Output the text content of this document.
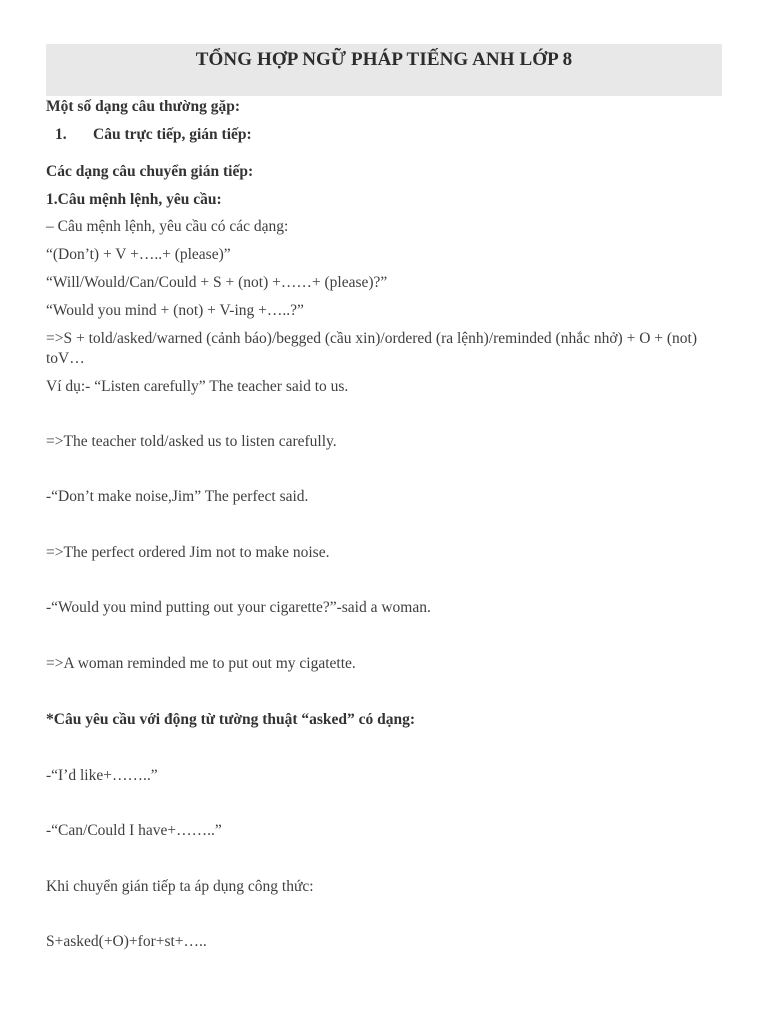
TỔNG HỢP NGỮ PHÁP TIẾNG ANH LỚP 8
Một số dạng câu thường gặp:
1. Câu trực tiếp, gián tiếp:
Các dạng câu chuyển gián tiếp:
1.Câu mệnh lệnh, yêu cầu:
– Câu mệnh lệnh, yêu cầu có các dạng:
“(Don’t) + V +…..+ (please)”
“Will/Would/Can/Could + S + (not) +……+ (please)?”
“Would you mind + (not) + V-ing +…..?”
=>S + told/asked/warned (cảnh báo)/begged (cầu xin)/ordered (ra lệnh)/reminded (nhắc nhở) + O + (not) toV…
Ví dụ:- “Listen carefully” The teacher said to us.
=>The teacher told/asked us to listen carefully.
-“Don’t make noise,Jim” The perfect said.
=>The perfect ordered Jim not to make noise.
-“Would you mind putting out your cigarette?”-said a woman.
=>A woman reminded me to put out my cigatette.
*Câu yêu cầu với động từ tường thuật “asked” có dạng:
-“I’d like+……..”
-“Can/Could I have+……..”
Khi chuyển gián tiếp ta áp dụng công thức:
S+asked(+O)+for+st+…..
